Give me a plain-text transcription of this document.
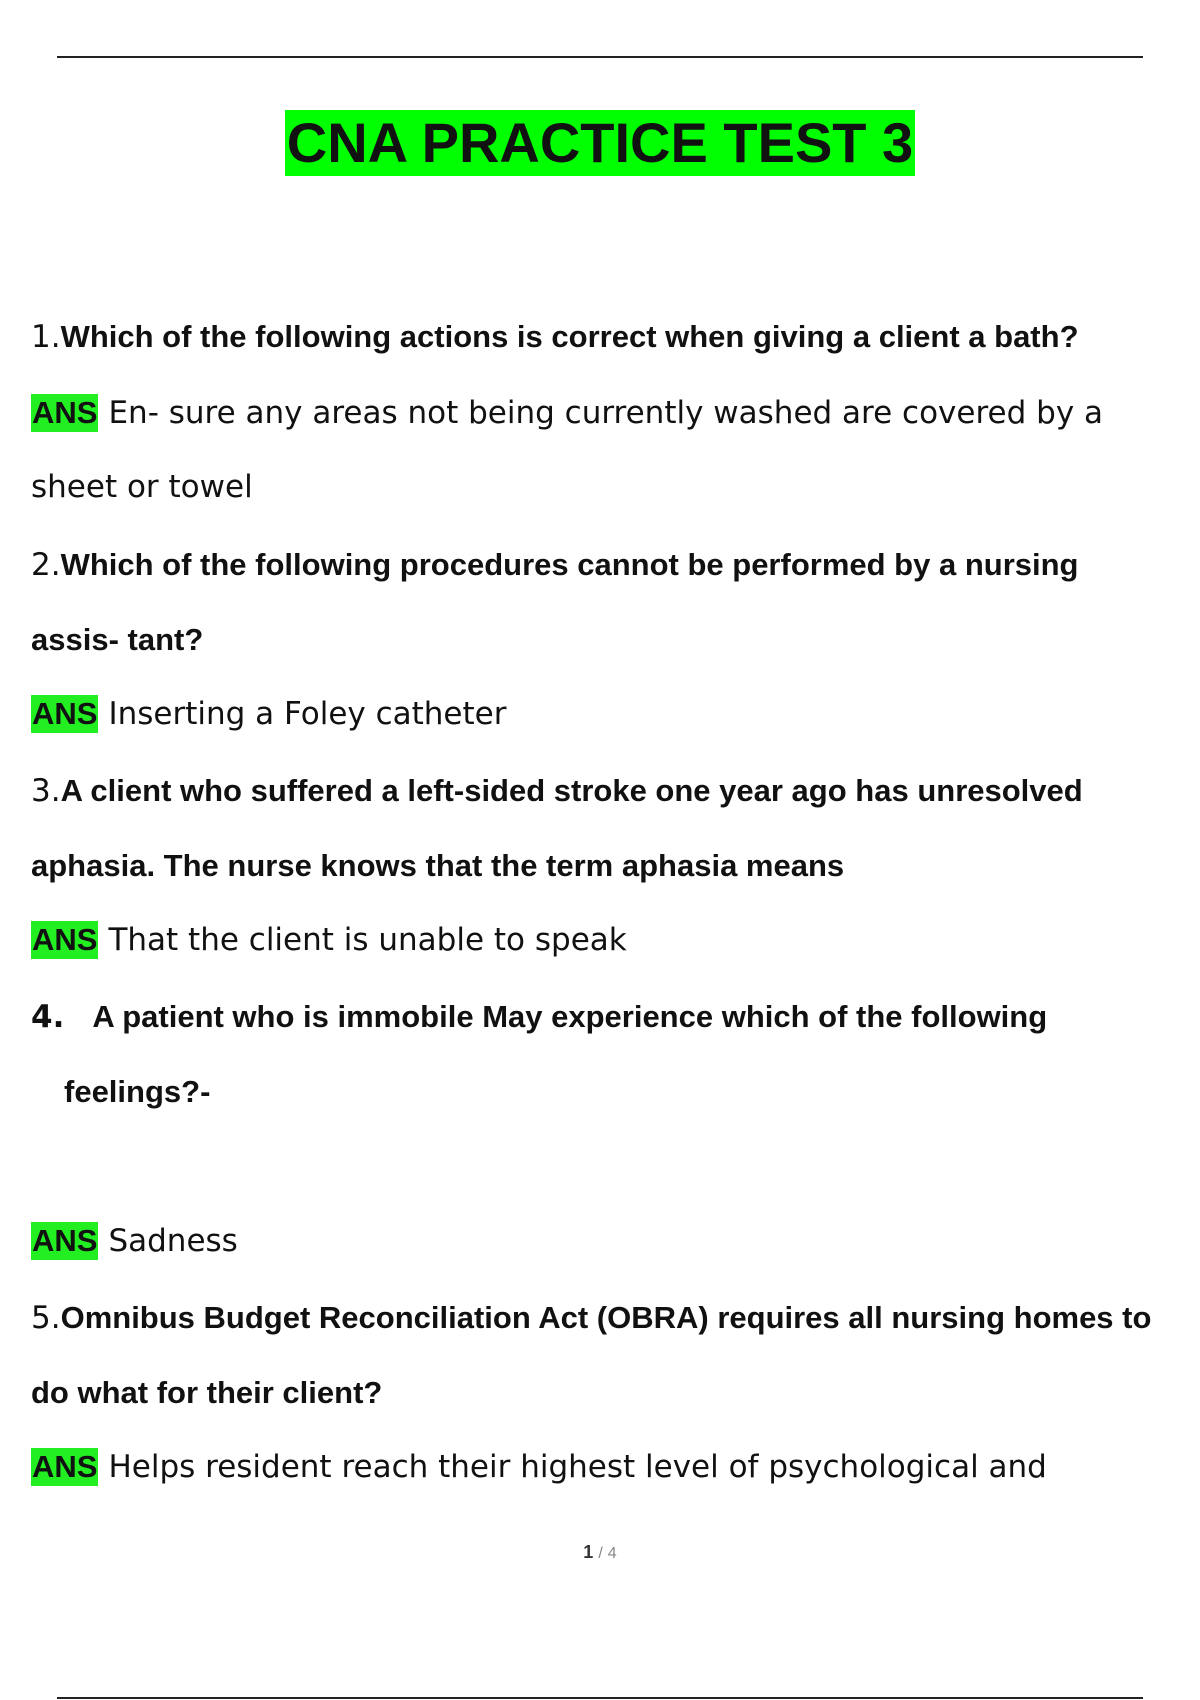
CNA PRACTICE TEST 3
1.Which of the following actions is correct when giving a client a bath?
ANS En- sure any areas not being currently washed are covered by a
sheet or towel
2.Which of the following procedures cannot be performed by a nursing
assis- tant?
ANS Inserting a Foley catheter
3.A client who suffered a left-sided stroke one year ago has unresolved
aphasia. The nurse knows that the term aphasia means
ANS That the client is unable to speak
4. A patient who is immobile May experience which of the following
feelings?-
ANS Sadness
5.Omnibus Budget Reconciliation Act (OBRA) requires all nursing homes to
do what for their client?
ANS Helps resident reach their highest level of psychological and
1 / 4
